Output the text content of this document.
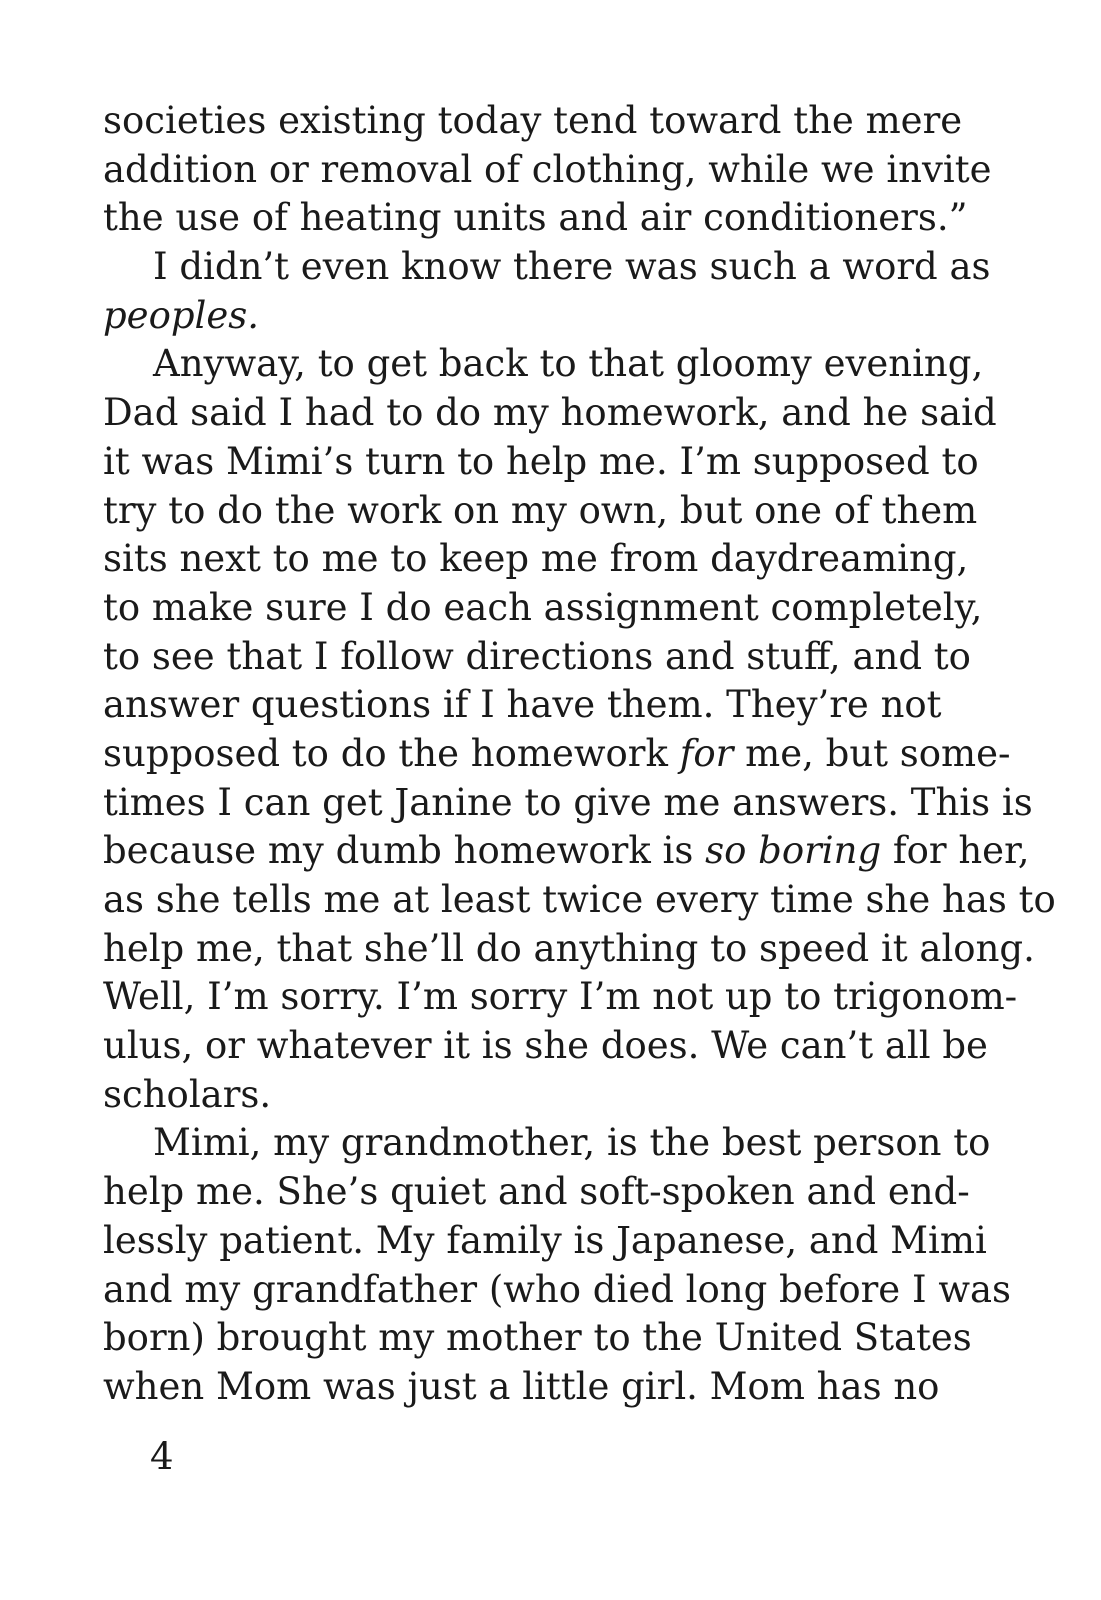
societies existing today tend toward the mere
addition or removal of clothing, while we invite
the use of heating units and air conditioners.”
I didn’t even know there was such a word as
peoples.
Anyway, to get back to that gloomy evening,
Dad said I had to do my homework, and he said
it was Mimi’s turn to help me. I’m supposed to
try to do the work on my own, but one of them
sits next to me to keep me from daydreaming,
to make sure I do each assignment completely,
to see that I follow directions and stuff, and to
answer questions if I have them. They’re not
supposed to do the homework for me, but some-
times I can get Janine to give me answers. This is
because my dumb homework is so boring for her,
as she tells me at least twice every time she has to
help me, that she’ll do anything to speed it along.
Well, I’m sorry. I’m sorry I’m not up to trigonom-
ulus, or whatever it is she does. We can’t all be
scholars.
Mimi, my grandmother, is the best person to
help me. She’s quiet and soft-spoken and end-
lessly patient. My family is Japanese, and Mimi
and my grandfather (who died long before I was
born) brought my mother to the United States
when Mom was just a little girl. Mom has no
4
